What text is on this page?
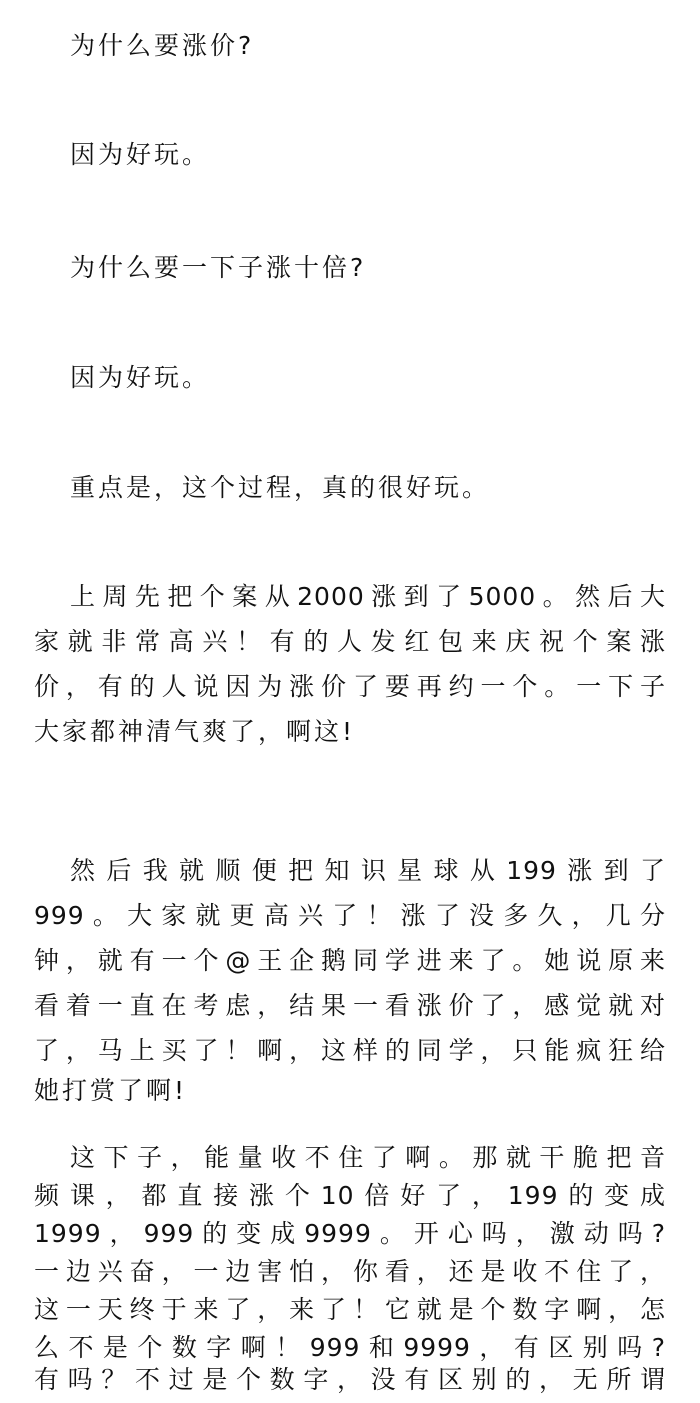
为什么要涨价?
因为好玩。
为什么要一下子涨十倍?
因为好玩。
重点是，这个过程，真的很好玩。
上周先把个案从2000涨到了5000。然后大
家就非常高兴！有的人发红包来庆祝个案涨
价，有的人说因为涨价了要再约一个。一下子
大家都神清气爽了，啊这!
然后我就顺便把知识星球从199涨到了
999。大家就更高兴了！涨了没多久，几分
钟，就有一个@王企鹅同学进来了。她说原来
看着一直在考虑，结果一看涨价了，感觉就对
了，马上买了！啊，这样的同学，只能疯狂给
她打赏了啊!
这下子，能量收不住了啊。那就干脆把音
频课，都直接涨个10倍好了，199的变成
1999，999的变成9999。开心吗，激动吗?
一边兴奋，一边害怕，你看，还是收不住了，
这一天终于来了，来了！它就是个数字啊，怎
么不是个数字啊！999和9999，有区别吗?
有吗？不过是个数字，没有区别的，无所谓
